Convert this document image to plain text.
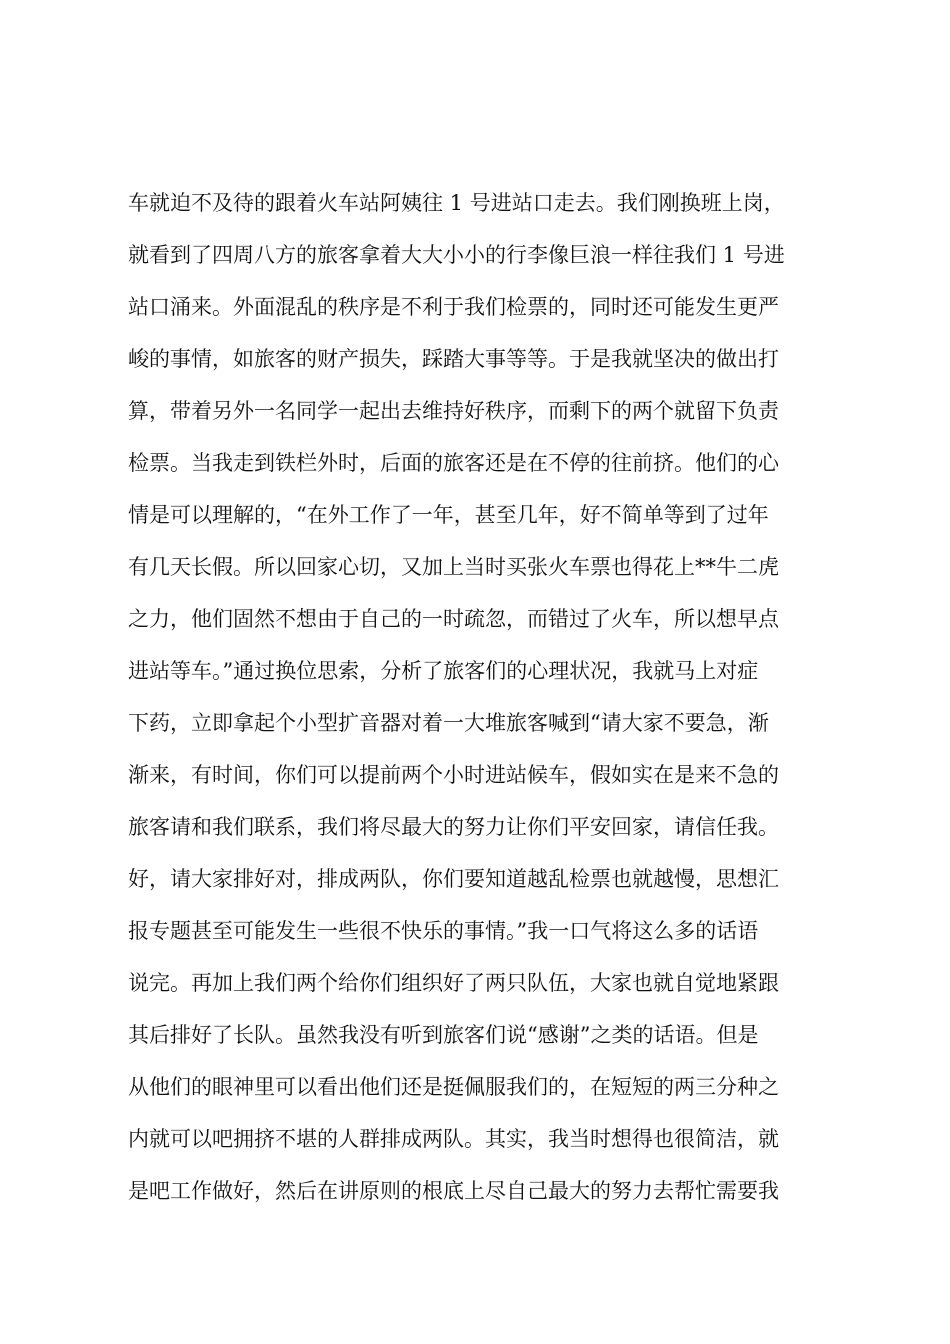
车就迫不及待的跟着火车站阿姨往 1 号进站口走去。我们刚换班上岗，
就看到了四周八方的旅客拿着大大小小的行李像巨浪一样往我们 1 号进
站口涌来。外面混乱的秩序是不利于我们检票的，同时还可能发生更严
峻的事情，如旅客的财产损失，踩踏大事等等。于是我就坚决的做出打
算，带着另外一名同学一起出去维持好秩序，而剩下的两个就留下负责
检票。当我走到铁栏外时，后面的旅客还是在不停的往前挤。他们的心
情是可以理解的，“在外工作了一年，甚至几年，好不简单等到了过年
有几天长假。所以回家心切，又加上当时买张火车票也得花上**牛二虎
之力，他们固然不想由于自己的一时疏忽，而错过了火车，所以想早点
进站等车。”通过换位思索，分析了旅客们的心理状况，我就马上对症
下药，立即拿起个小型扩音器对着一大堆旅客喊到“请大家不要急，渐
渐来，有时间，你们可以提前两个小时进站候车，假如实在是来不急的
旅客请和我们联系，我们将尽最大的努力让你们平安回家，请信任我。
好，请大家排好对，排成两队，你们要知道越乱检票也就越慢，思想汇
报专题甚至可能发生一些很不快乐的事情。”我一口气将这么多的话语
说完。再加上我们两个给你们组织好了两只队伍，大家也就自觉地紧跟
其后排好了长队。虽然我没有听到旅客们说“感谢”之类的话语。但是
从他们的眼神里可以看出他们还是挺佩服我们的，在短短的两三分种之
内就可以吧拥挤不堪的人群排成两队。其实，我当时想得也很简洁，就
是吧工作做好，然后在讲原则的根底上尽自己最大的努力去帮忙需要我
